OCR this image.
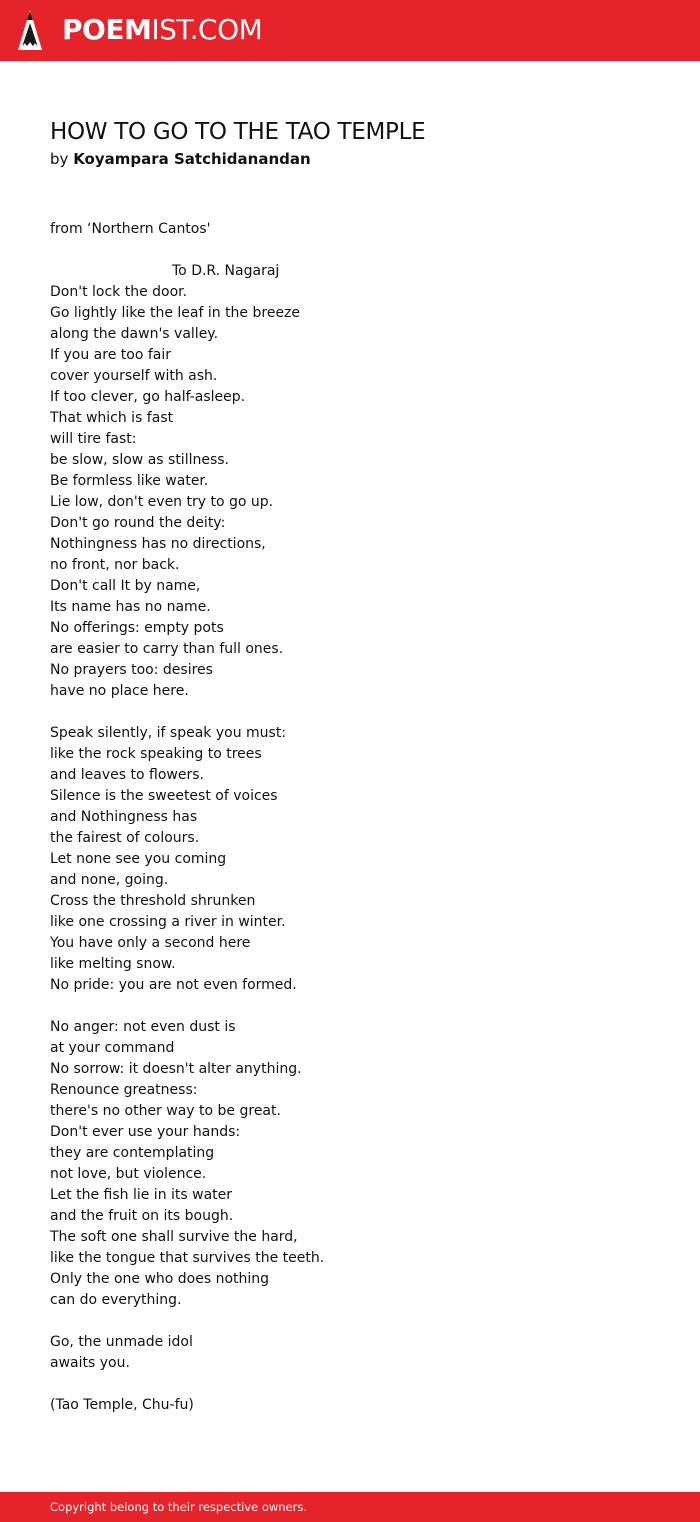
POEMIST.COM
HOW TO GO TO THE TAO TEMPLE
by Koyampara Satchidanandan
from ‘Northern Cantos'
To D.R. Nagaraj
Don't lock the door.
Go lightly like the leaf in the breeze
along the dawn's valley.
If you are too fair
cover yourself with ash.
If too clever, go half-asleep.
That which is fast
will tire fast:
be slow, slow as stillness.
Be formless like water.
Lie low, don't even try to go up.
Don't go round the deity:
Nothingness has no directions,
no front, nor back.
Don't call It by name,
Its name has no name.
No offerings: empty pots
are easier to carry than full ones.
No prayers too: desires
have no place here.
Speak silently, if speak you must:
like the rock speaking to trees
and leaves to flowers.
Silence is the sweetest of voices
and Nothingness has
the fairest of colours.
Let none see you coming
and none, going.
Cross the threshold shrunken
like one crossing a river in winter.
You have only a second here
like melting snow.
No pride: you are not even formed.
No anger: not even dust is
at your command
No sorrow: it doesn't alter anything.
Renounce greatness:
there's no other way to be great.
Don't ever use your hands:
they are contemplating
not love, but violence.
Let the fish lie in its water
and the fruit on its bough.
The soft one shall survive the hard,
like the tongue that survives the teeth.
Only the one who does nothing
can do everything.
Go, the unmade idol
awaits you.
(Tao Temple, Chu-fu)
Copyright belong to their respective owners.
